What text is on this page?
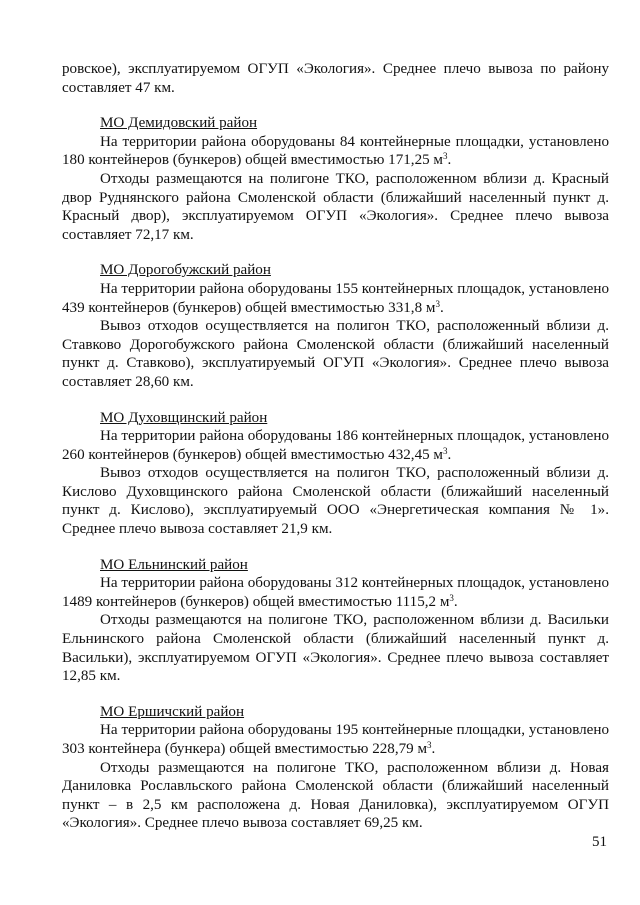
ровское), эксплуатируемом ОГУП «Экология». Среднее плечо вывоза по району составляет 47 км.

МО Демидовский район

На территории района оборудованы 84 контейнерные площадки, установлено 180 контейнеров (бункеров) общей вместимостью 171,25 $м^3$.

Отходы размещаются на полигоне ТКО, расположенном вблизи д. Красный двор Руднянского района Смоленской области (ближайший населенный пункт д. Красный двор), эксплуатируемом ОГУП «Экология». Среднее плечо вывоза составляет 72,17 км.

МО Дорогобужский район

На территории района оборудованы 155 контейнерных площадок, установлено 439 контейнеров (бункеров) общей вместимостью 331,8 $м^3$.

Вывоз отходов осуществляется на полигон ТКО, расположенный вблизи д. Ставково Дорогобужского района Смоленской области (ближайший населенный пункт д. Ставково), эксплуатируемый ОГУП «Экология». Среднее плечо вывоза составляет 28,60 км.

МО Духовщинский район

На территории района оборудованы 186 контейнерных площадок, установлено 260 контейнеров (бункеров) общей вместимостью 432,45 $м^3$.

Вывоз отходов осуществляется на полигон ТКО, расположенный вблизи д. Кислово Духовщинского района Смоленской области (ближайший населенный пункт д. Кислово), эксплуатируемый ООО «Энергетическая компания № 1». Среднее плечо вывоза составляет 21,9 км.

МО Ельнинский район

На территории района оборудованы 312 контейнерных площадок, установлено 1489 контейнеров (бункеров) общей вместимостью 1115,2 $м^3$.

Отходы размещаются на полигоне ТКО, расположенном вблизи д. Васильки Ельнинского района Смоленской области (ближайший населенный пункт д. Васильки), эксплуатируемом ОГУП «Экология». Среднее плечо вывоза составляет 12,85 км.

МО Ершичский район

На территории района оборудованы 195 контейнерные площадки, установлено 303 контейнера (бункера) общей вместимостью 228,79 $м^3$.

Отходы размещаются на полигоне ТКО, расположенном вблизи д. Новая Даниловка Рославльского района Смоленской области (ближайший населенный пункт – в 2,5 км расположена д. Новая Даниловка), эксплуатируемом ОГУП «Экология». Среднее плечо вывоза составляет 69,25 км.

51
